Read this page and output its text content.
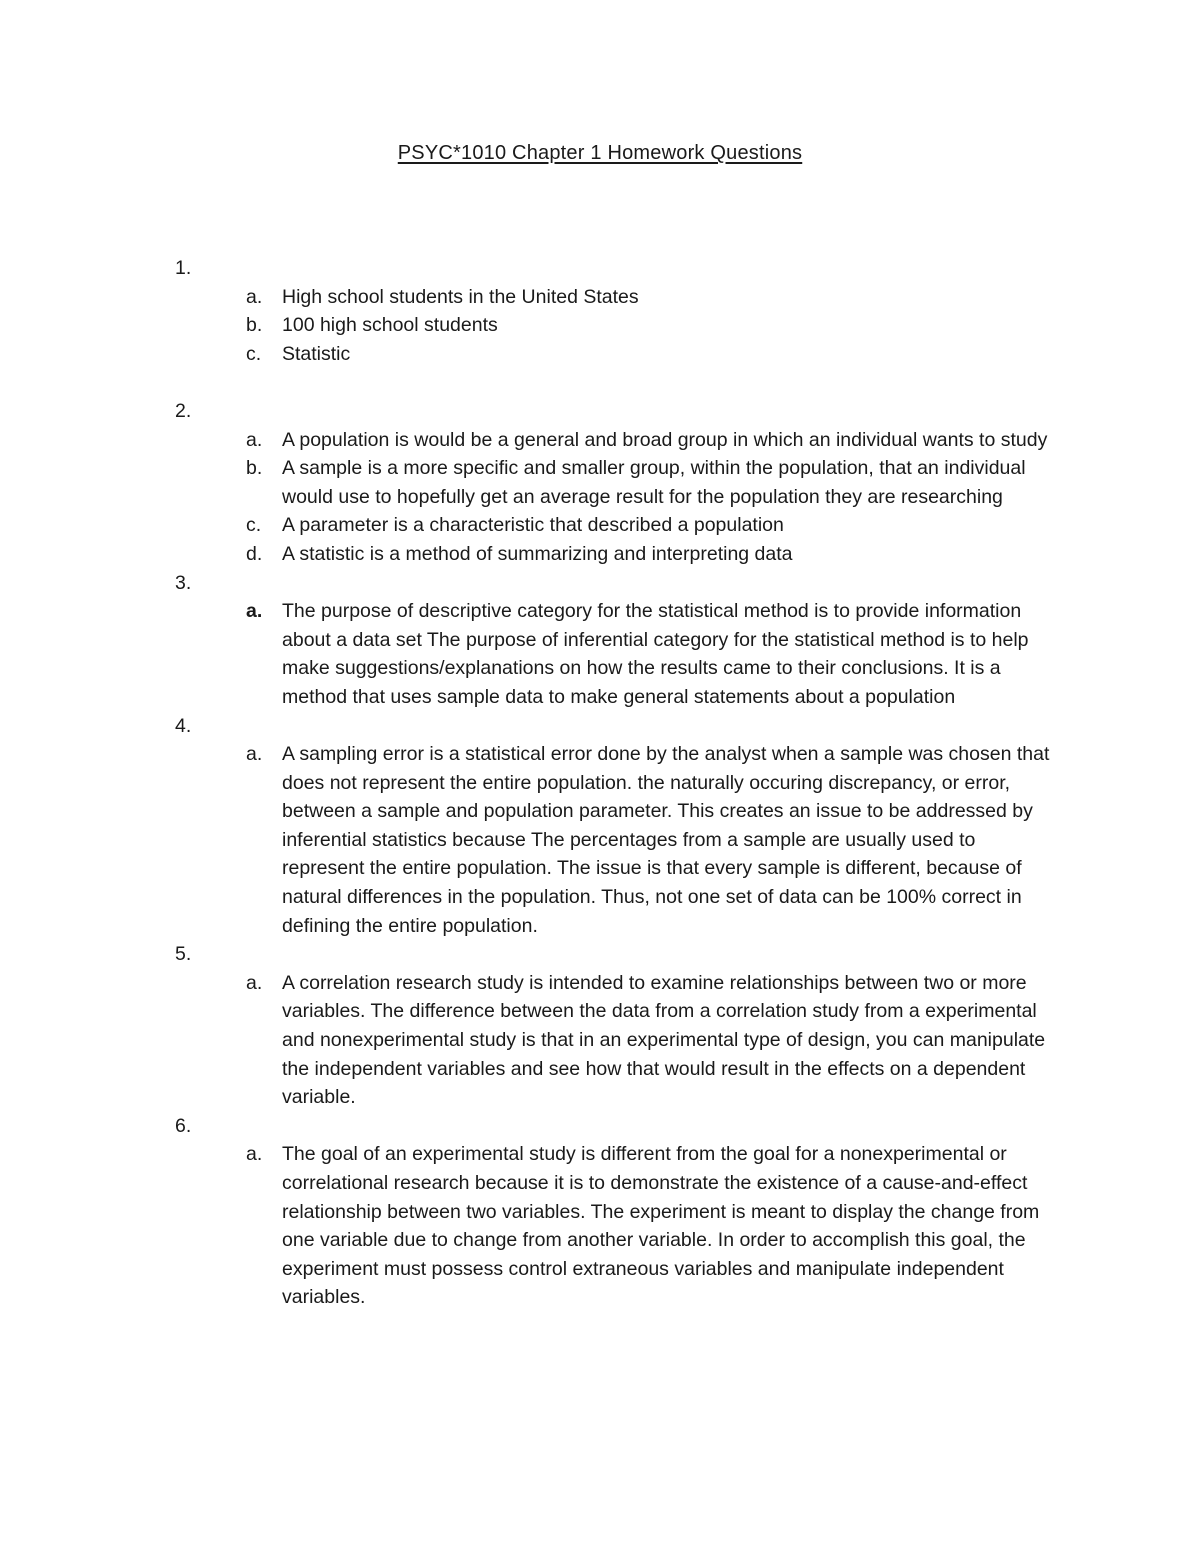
PSYC*1010 Chapter 1 Homework Questions
1.
a. High school students in the United States
b. 100 high school students
c. Statistic
2.
a. A population is would be a general and broad group in which an individual wants to study
b. A sample is a more specific and smaller group, within the population, that an individual would use to hopefully get an average result for the population they are researching
c. A parameter is a characteristic that described a population
d. A statistic is a method of summarizing and interpreting data
3.
a. The purpose of descriptive category for the statistical method is to provide information about a data set The purpose of inferential category for the statistical method is to help make suggestions/explanations on how the results came to their conclusions. It is a method that uses sample data to make general statements about a population
4.
a. A sampling error is a statistical error done by the analyst when a sample was chosen that does not represent the entire population. the naturally occuring discrepancy, or error, between a sample and population parameter. This creates an issue to be addressed by inferential statistics because The percentages from a sample are usually used to represent the entire population. The issue is that every sample is different, because of natural differences in the population. Thus, not one set of data can be 100% correct in defining the entire population.
5.
a. A correlation research study is intended to examine relationships between two or more variables. The difference between the data from a correlation study from a experimental and nonexperimental study is that in an experimental type of design, you can manipulate the independent variables and see how that would result in the effects on a dependent variable.
6.
a. The goal of an experimental study is different from the goal for a nonexperimental or correlational research because it is to demonstrate the existence of a cause-and-effect relationship between two variables. The experiment is meant to display the change from one variable due to change from another variable. In order to accomplish this goal, the experiment must possess control extraneous variables and manipulate independent variables.
